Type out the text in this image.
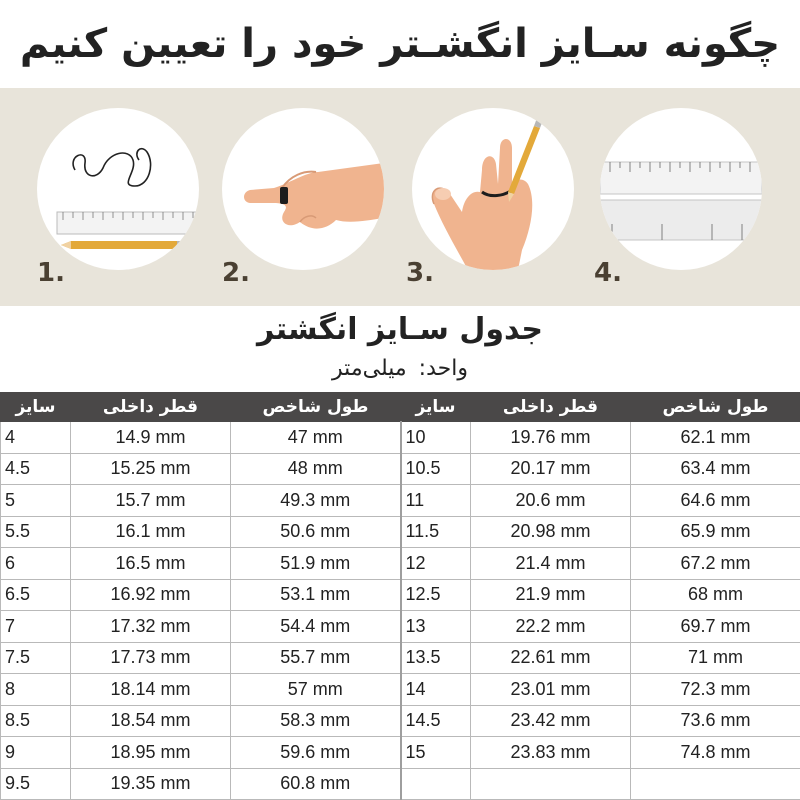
چگونه سـایز انگشـتر خود را تعیین کنیم
1.	2.	3.	4.
جدول سـایز انگشتر
واحد:
میلی‌متر
سایز	قطر داخلی	طول شاخص	سایز	قطر داخلی	طول شاخص
4	14.9 mm	47 mm	10	19.76 mm	62.1 mm
4.5	15.25 mm	48 mm	10.5	20.17 mm	63.4 mm
5	15.7 mm	49.3 mm	11	20.6 mm	64.6 mm
5.5	16.1 mm	50.6 mm	11.5	20.98 mm	65.9 mm
6	16.5 mm	51.9 mm	12	21.4 mm	67.2 mm
6.5	16.92 mm	53.1 mm	12.5	21.9 mm	68 mm
7	17.32 mm	54.4 mm	13	22.2 mm	69.7 mm
7.5	17.73 mm	55.7 mm	13.5	22.61 mm	71 mm
8	18.14 mm	57 mm	14	23.01 mm	72.3 mm
8.5	18.54 mm	58.3 mm	14.5	23.42 mm	73.6 mm
9	18.95 mm	59.6 mm	15	23.83 mm	74.8 mm
9.5	19.35 mm	60.8 mm			
